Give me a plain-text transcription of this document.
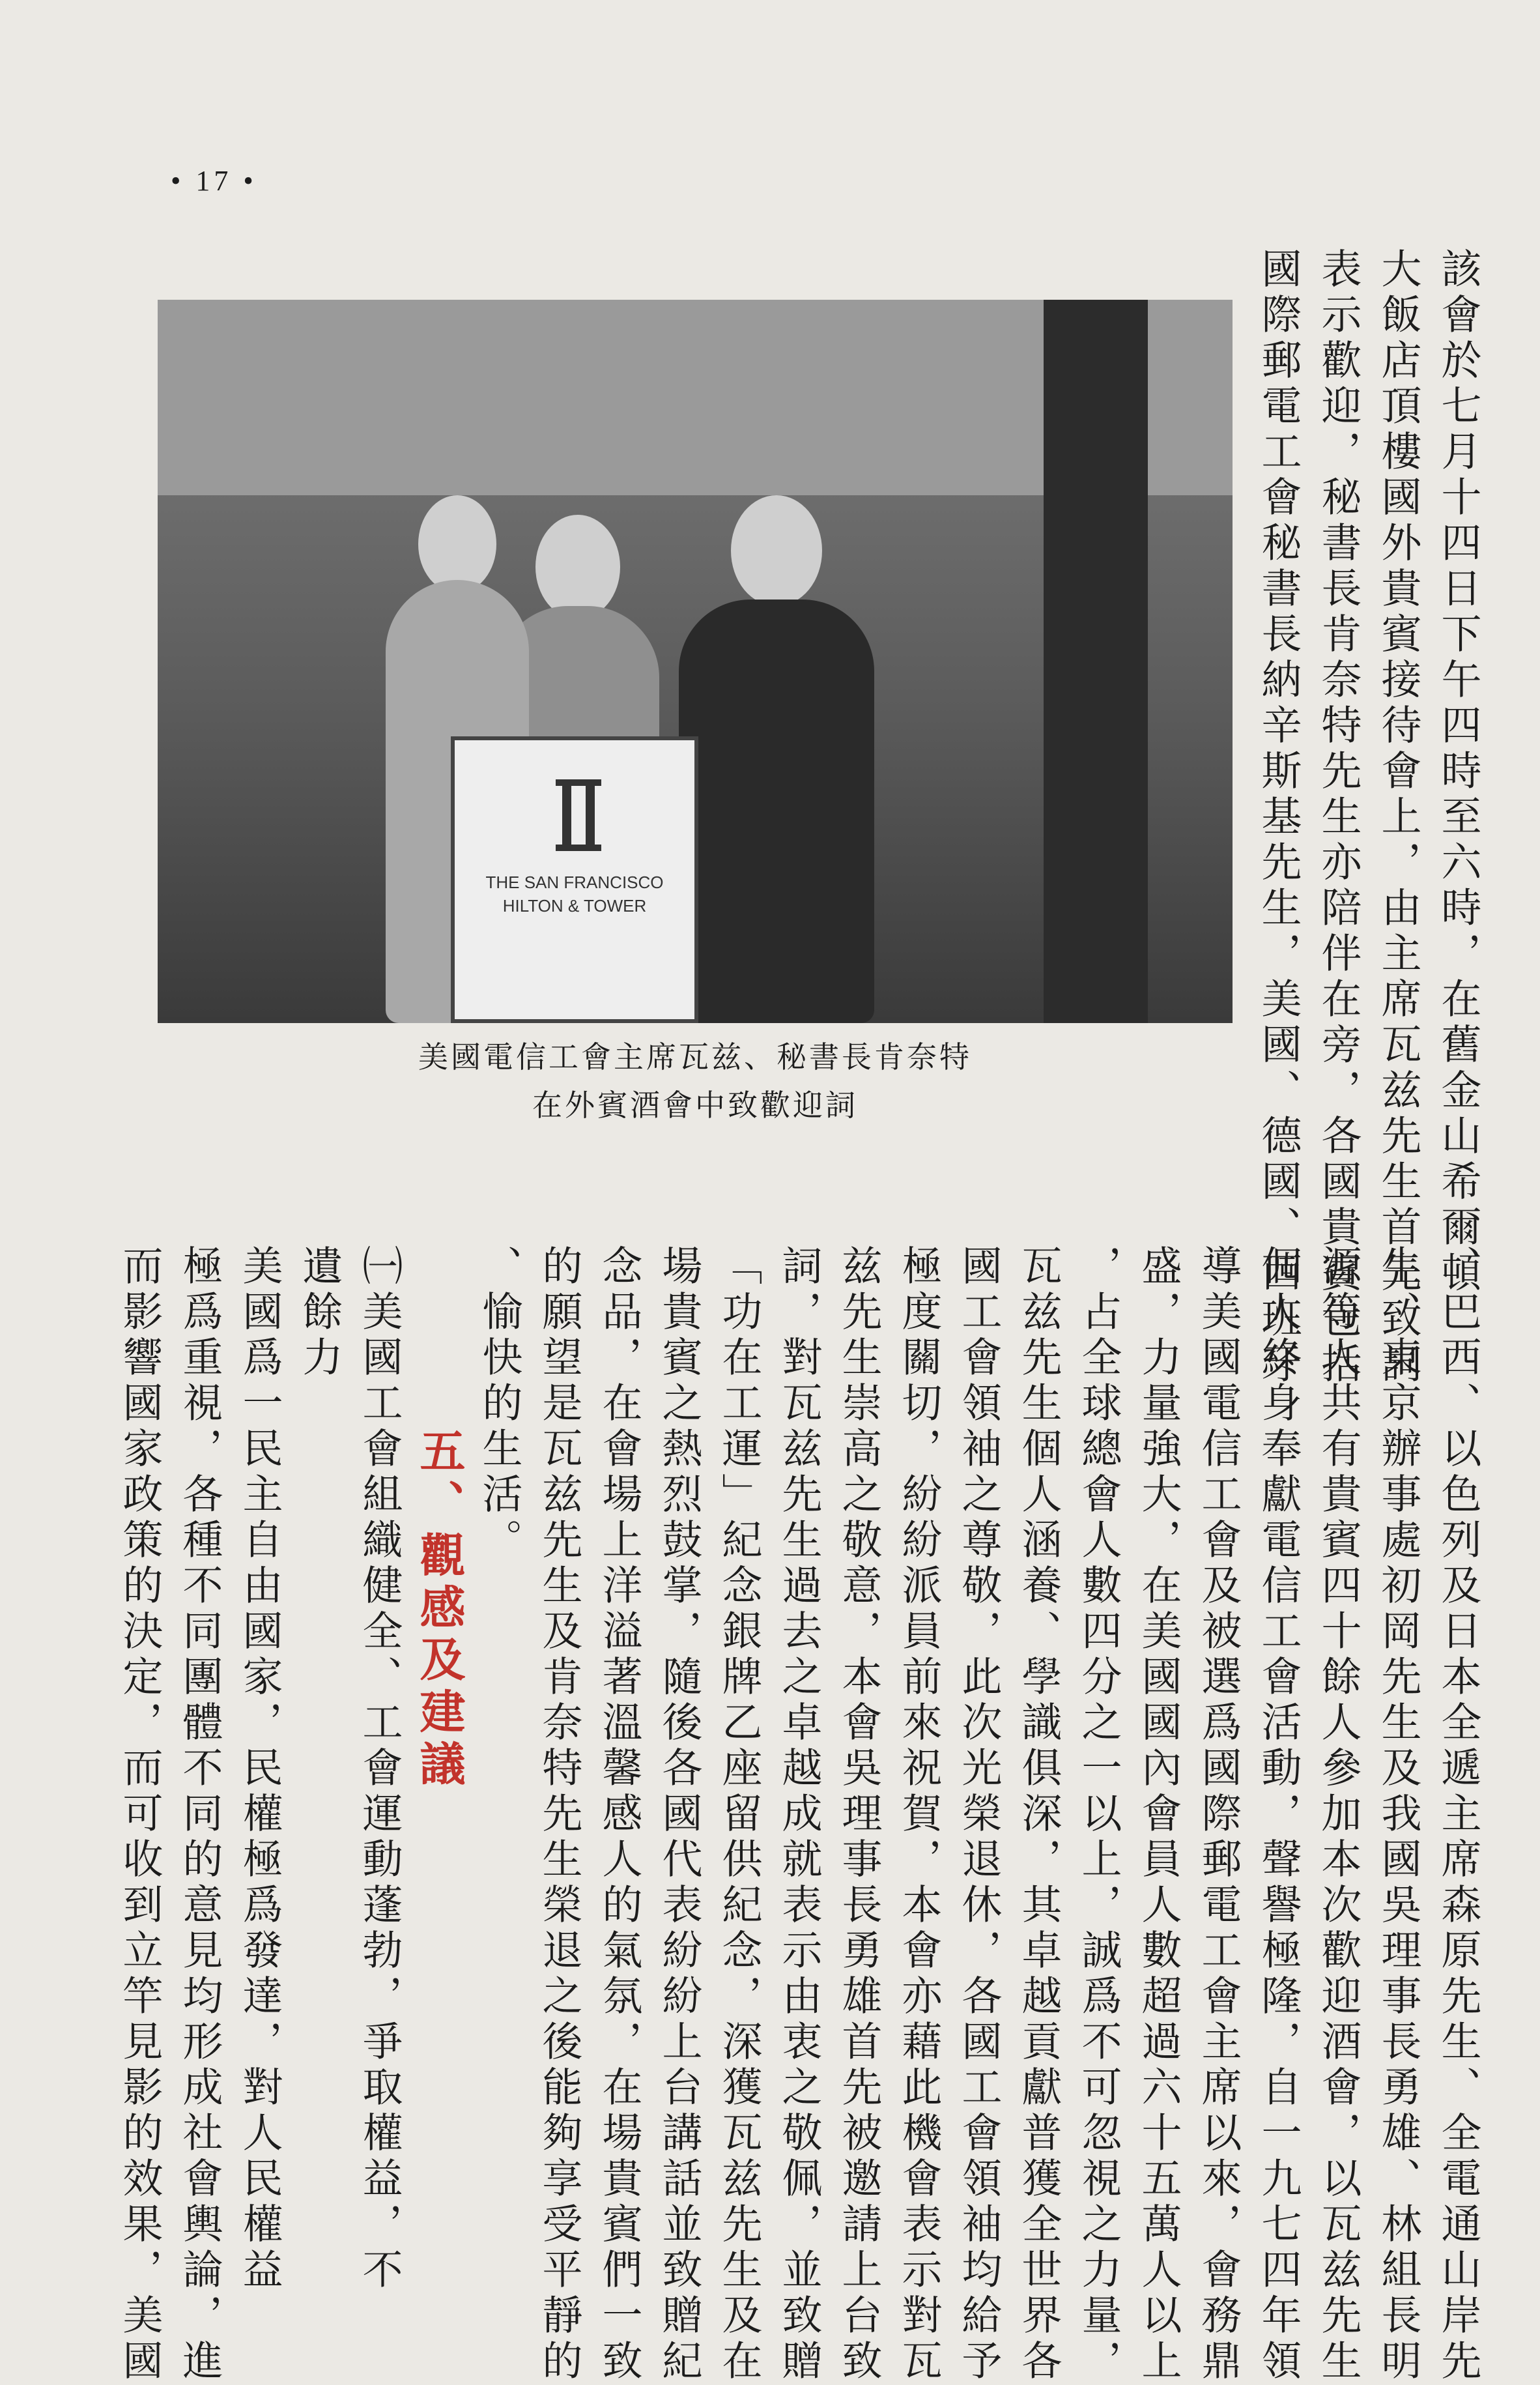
• 17 •

該會於七月十四日下午四時至六時，在舊金山希爾頓

大飯店頂樓國外貴賓接待會上，由主席瓦兹先生首先致詞

表示歡迎，秘書長肯奈特先生亦陪伴在旁，各國貴賓包括

國際郵電工會秘書長納辛斯基先生，美國、德國、西班牙

THE SAN FRANCISCO
HILTON & TOWER
美國電信工會主席瓦兹、秘書長肯奈特
在外賓酒會中致歡迎詞

、巴西、以色列及日本全遞主席森原先生、全電通山岸先

生、東京辦事處初岡先生及我國吳理事長勇雄、林組長明

源等人共有貴賓四十餘人參加本次歡迎酒會，以瓦兹先生

個人終身奉獻電信工會活動，聲譽極隆，自一九七四年領

導美國電信工會及被選爲國際郵電工會主席以來，會務鼎

盛，力量強大，在美國國內會員人數超過六十五萬人以上

，占全球總會人數四分之一以上，誠爲不可忽視之力量，

瓦兹先生個人涵養、學識俱深，其卓越貢獻普獲全世界各

國工會領袖之尊敬，此次光榮退休，各國工會領袖均給予

極度關切，紛紛派員前來祝賀，本會亦藉此機會表示對瓦

兹先生崇高之敬意，本會吳理事長勇雄首先被邀請上台致

詞，對瓦兹先生過去之卓越成就表示由衷之敬佩，並致贈

「功在工運」紀念銀牌乙座留供紀念，深獲瓦兹先生及在

場貴賓之熱烈鼓掌，隨後各國代表紛紛上台講話並致贈紀

念品，在會場上洋溢著溫馨感人的氣氛，在場貴賓們一致

的願望是瓦兹先生及肯奈特先生榮退之後能夠享受平靜的

、愉快的生活。

五、觀感及建議

㈠美國工會組織健全、工會運動蓬勃，爭取權益，不

遺餘力

美國爲一民主自由國家，民權極爲發達，對人民權益

極爲重視，各種不同團體不同的意見均形成社會輿論，進

而影響國家政策的決定，而可收到立竿見影的效果，美國
